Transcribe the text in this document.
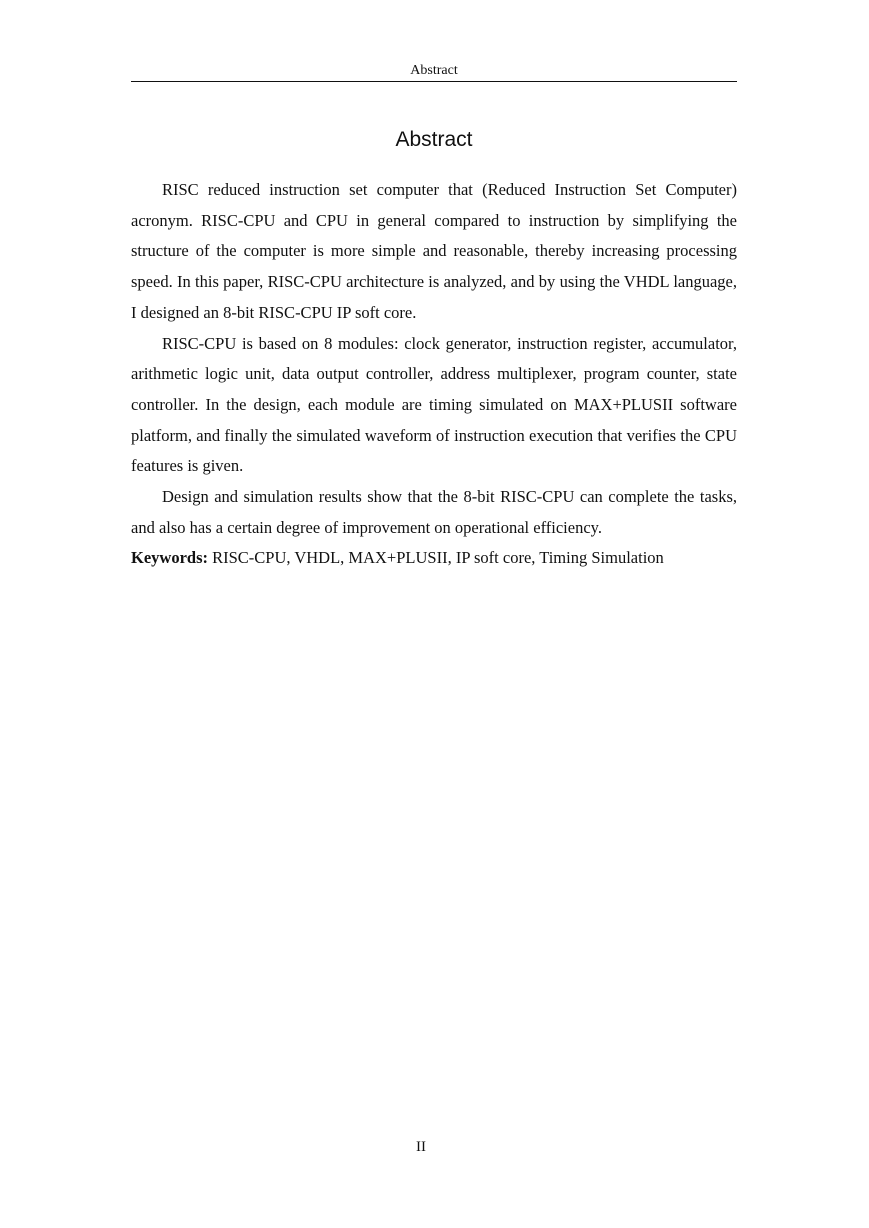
Abstract
Abstract

RISC reduced instruction set computer that (Reduced Instruction Set Computer) acronym. RISC-CPU and CPU in general compared to instruction by simplifying the structure of the computer is more simple and reasonable, thereby increasing processing speed. In this paper, RISC-CPU architecture is analyzed, and by using the VHDL language, I designed an 8-bit RISC-CPU IP soft core.

RISC-CPU is based on 8 modules: clock generator, instruction register, accumulator, arithmetic logic unit, data output controller, address multiplexer, program counter, state controller. In the design, each module are timing simulated on MAX+PLUSII software platform, and finally the simulated waveform of instruction execution that verifies the CPU features is given.

Design and simulation results show that the 8-bit RISC-CPU can complete the tasks, and also has a certain degree of improvement on operational efficiency.

Keywords: RISC-CPU, VHDL, MAX+PLUSII, IP soft core, Timing Simulation
II
